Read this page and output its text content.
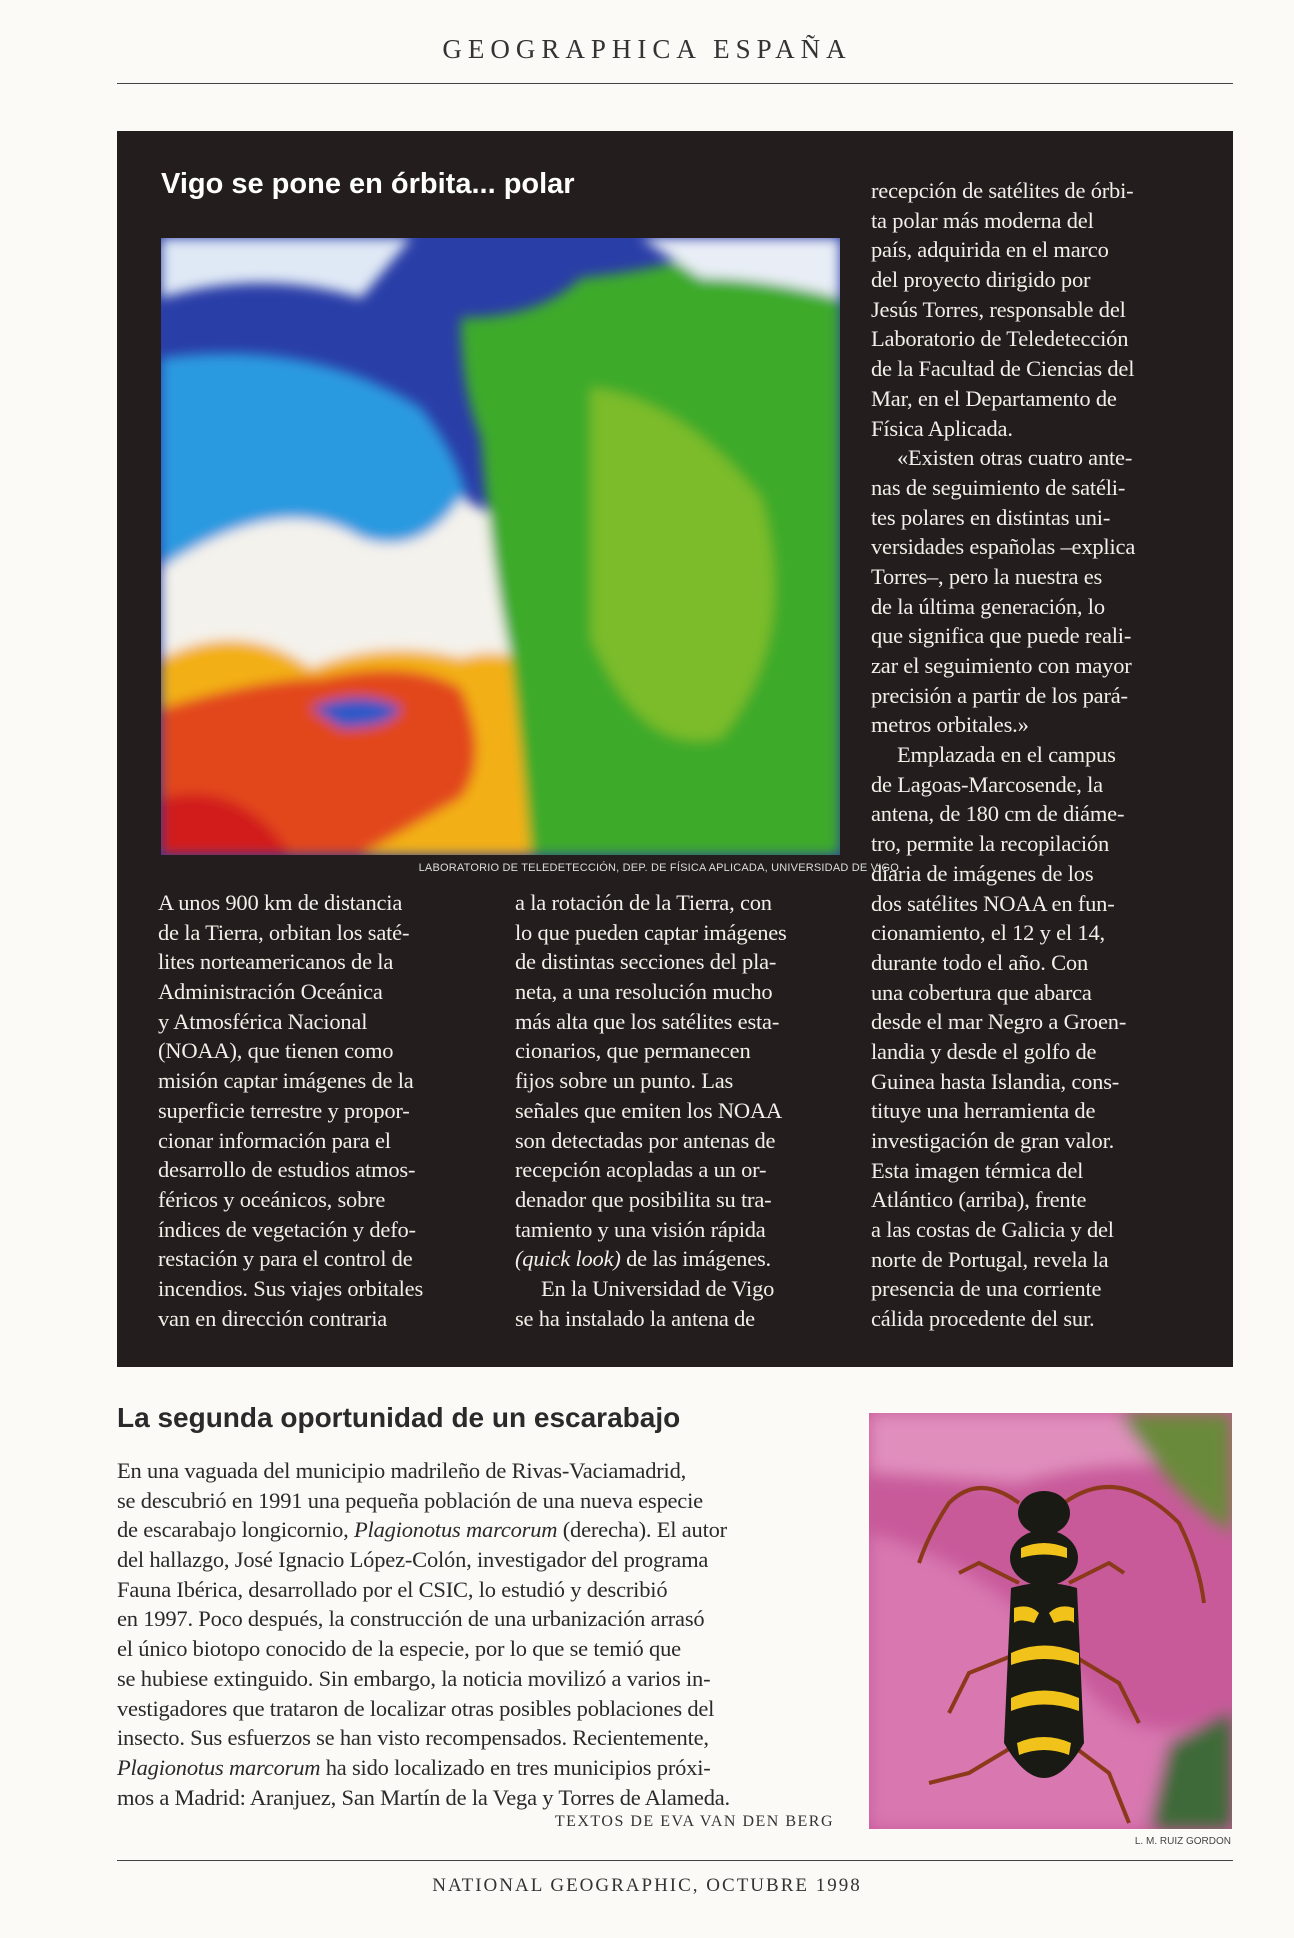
GEOGRAPHICA ESPAÑA
Vigo se pone en órbita... polar
LABORATORIO DE TELEDETECCIÓN, DEP. DE FÍSICA APLICADA, UNIVERSIDAD DE VIGO
A unos 900 km de distancia
de la Tierra, orbitan los saté-
lites norteamericanos de la
Administración Oceánica
y Atmosférica Nacional
(NOAA), que tienen como
misión captar imágenes de la
superficie terrestre y propor-
cionar información para el
desarrollo de estudios atmos-
féricos y oceánicos, sobre
índices de vegetación y defo-
restación y para el control de
incendios. Sus viajes orbitales
van en dirección contraria
a la rotación de la Tierra, con
lo que pueden captar imágenes
de distintas secciones del pla-
neta, a una resolución mucho
más alta que los satélites esta-
cionarios, que permanecen
fijos sobre un punto. Las
señales que emiten los NOAA
son detectadas por antenas de
recepción acopladas a un or-
denador que posibilita su tra-
tamiento y una visión rápida
(quick look) de las imágenes.
En la Universidad de Vigo
se ha instalado la antena de
recepción de satélites de órbi-
ta polar más moderna del
país, adquirida en el marco
del proyecto dirigido por
Jesús Torres, responsable del
Laboratorio de Teledetección
de la Facultad de Ciencias del
Mar, en el Departamento de
Física Aplicada.
«Existen otras cuatro ante-
nas de seguimiento de satéli-
tes polares en distintas uni-
versidades españolas –explica
Torres–, pero la nuestra es
de la última generación, lo
que significa que puede reali-
zar el seguimiento con mayor
precisión a partir de los pará-
metros orbitales.»
Emplazada en el campus
de Lagoas-Marcosende, la
antena, de 180 cm de diáme-
tro, permite la recopilación
diaria de imágenes de los
dos satélites NOAA en fun-
cionamiento, el 12 y el 14,
durante todo el año. Con
una cobertura que abarca
desde el mar Negro a Groen-
landia y desde el golfo de
Guinea hasta Islandia, cons-
tituye una herramienta de
investigación de gran valor.
Esta imagen térmica del
Atlántico (arriba), frente
a las costas de Galicia y del
norte de Portugal, revela la
presencia de una corriente
cálida procedente del sur.
La segunda oportunidad de un escarabajo
En una vaguada del municipio madrileño de Rivas-Vaciamadrid,
se descubrió en 1991 una pequeña población de una nueva especie
de escarabajo longicornio, Plagionotus marcorum (derecha). El autor
del hallazgo, José Ignacio López-Colón, investigador del programa
Fauna Ibérica, desarrollado por el CSIC, lo estudió y describió
en 1997. Poco después, la construcción de una urbanización arrasó
el único biotopo conocido de la especie, por lo que se temió que
se hubiese extinguido. Sin embargo, la noticia movilizó a varios in-
vestigadores que trataron de localizar otras posibles poblaciones del
insecto. Sus esfuerzos se han visto recompensados. Recientemente,
Plagionotus marcorum ha sido localizado en tres municipios próxi-
mos a Madrid: Aranjuez, San Martín de la Vega y Torres de Alameda.
TEXTOS DE EVA VAN DEN BERG
L. M. RUIZ GORDON
NATIONAL GEOGRAPHIC, OCTUBRE 1998
